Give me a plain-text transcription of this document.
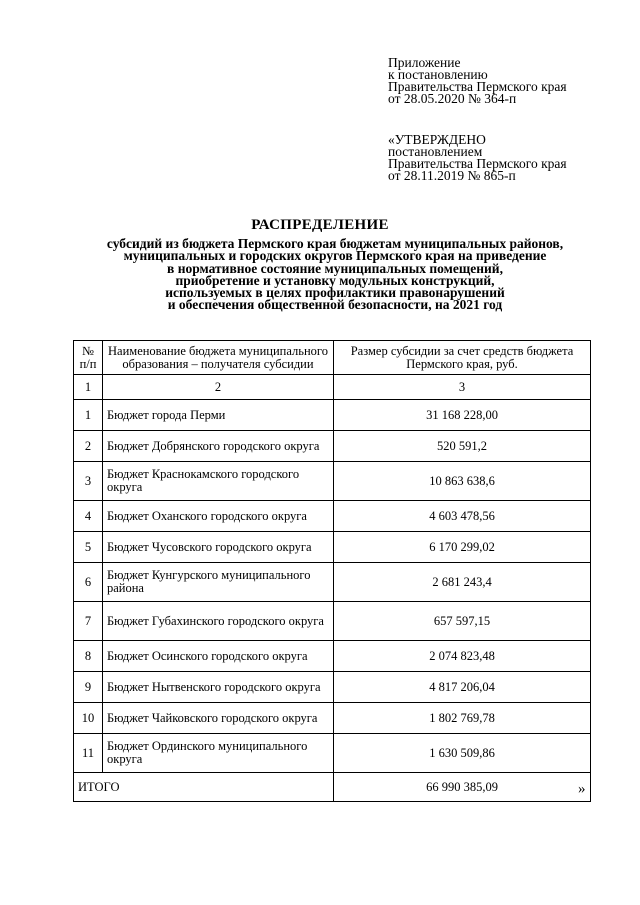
Приложение
к постановлению
Правительства Пермского края
от 28.05.2020 № 364-п
«УТВЕРЖДЕНО
постановлением
Правительства Пермского края
от 28.11.2019 № 865-п
РАСПРЕДЕЛЕНИЕ
субсидий из бюджета Пермского края бюджетам муниципальных районов,
муниципальных и городских округов Пермского края на приведение
в нормативное состояние муниципальных помещений,
приобретение и установку модульных конструкций,
используемых в целях профилактики правонарушений
и обеспечения общественной безопасности, на 2021 год
№ п/п	Наименование бюджета муниципального образования – получателя субсидии	Размер субсидии за счет средств бюджета Пермского края, руб.
1	2	3
1	Бюджет города Перми	31 168 228,00
2	Бюджет Добрянского городского округа	520 591,2
3	Бюджет Краснокамского городского округа	10 863 638,6
4	Бюджет Оханского городского округа	4 603 478,56
5	Бюджет Чусовского городского округа	6 170 299,02
6	Бюджет Кунгурского муниципального района	2 681 243,4
7	Бюджет Губахинского городского округа	657 597,15
8	Бюджет Осинского городского округа	2 074 823,48
9	Бюджет Нытвенского городского округа	4 817 206,04
10	Бюджет Чайковского городского округа	1 802 769,78
11	Бюджет Ординского муниципального округа	1 630 509,86
ИТОГО		66 990 385,09	»
